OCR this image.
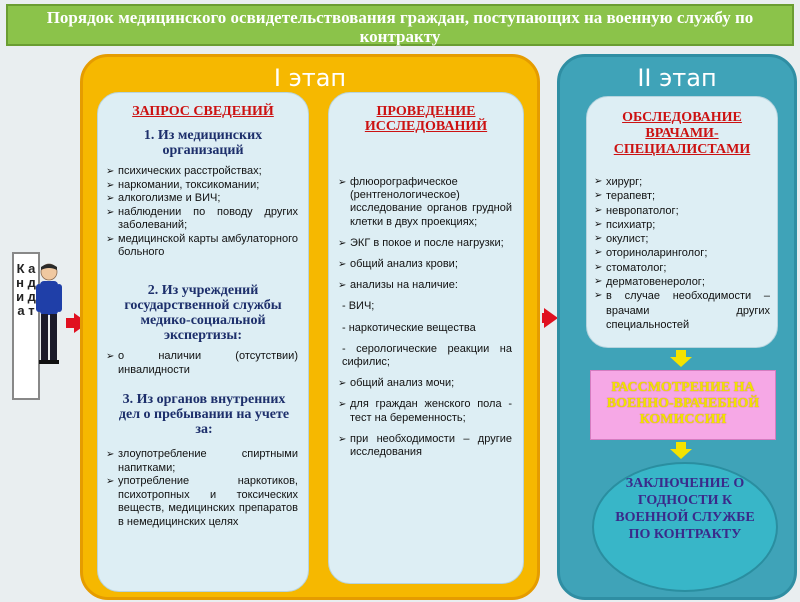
Порядок медицинского освидетельствования граждан, поступающих на военную службу по контракту
К а н д и д а т
I этап
ЗАПРОС СВЕДЕНИЙ
1. Из медицинских организаций
➢ психических расстройствах;
➢ наркомании, токсикомании;
➢ алкоголизме и ВИЧ;
➢ наблюдении по поводу других заболеваний;
➢ медицинской карты амбулаторного больного
2. Из учреждений государственной службы медико-социальной экспертизы:
➢ о наличии (отсутствии) инвалидности
3. Из органов внутренних дел о пребывании на учете за:
➢ злоупотребление спиртными напитками;
➢ употребление наркотиков, психотропных и токсических веществ, медицинских препаратов в немедицинских целях
ПРОВЕДЕНИЕ ИССЛЕДОВАНИЙ
➢ флюорографическое (рентгенологическое) исследование органов грудной клетки в двух проекциях;
➢ ЭКГ в покое и после нагрузки;
➢ общий анализ крови;
➢ анализы на наличие:
- ВИЧ;
- наркотические вещества
- серологические реакции на сифилис;
➢ общий анализ мочи;
➢ для граждан женского пола - тест на беременность;
➢ при необходимости – другие исследования
II этап
ОБСЛЕДОВАНИЕ ВРАЧАМИ-СПЕЦИАЛИСТАМИ
➢ хирург;
➢ терапевт;
➢ невропатолог;
➢ психиатр;
➢ окулист;
➢ оториноларинголог;
➢ стоматолог;
➢ дерматовенеролог;
➢ в случае необходимости – врачами других специальностей
РАССМОТРЕНИЕ НА ВОЕННО-ВРАЧЕБНОЙ КОМИССИИ
ЗАКЛЮЧЕНИЕ О ГОДНОСТИ К ВОЕННОЙ СЛУЖБЕ ПО КОНТРАКТУ
